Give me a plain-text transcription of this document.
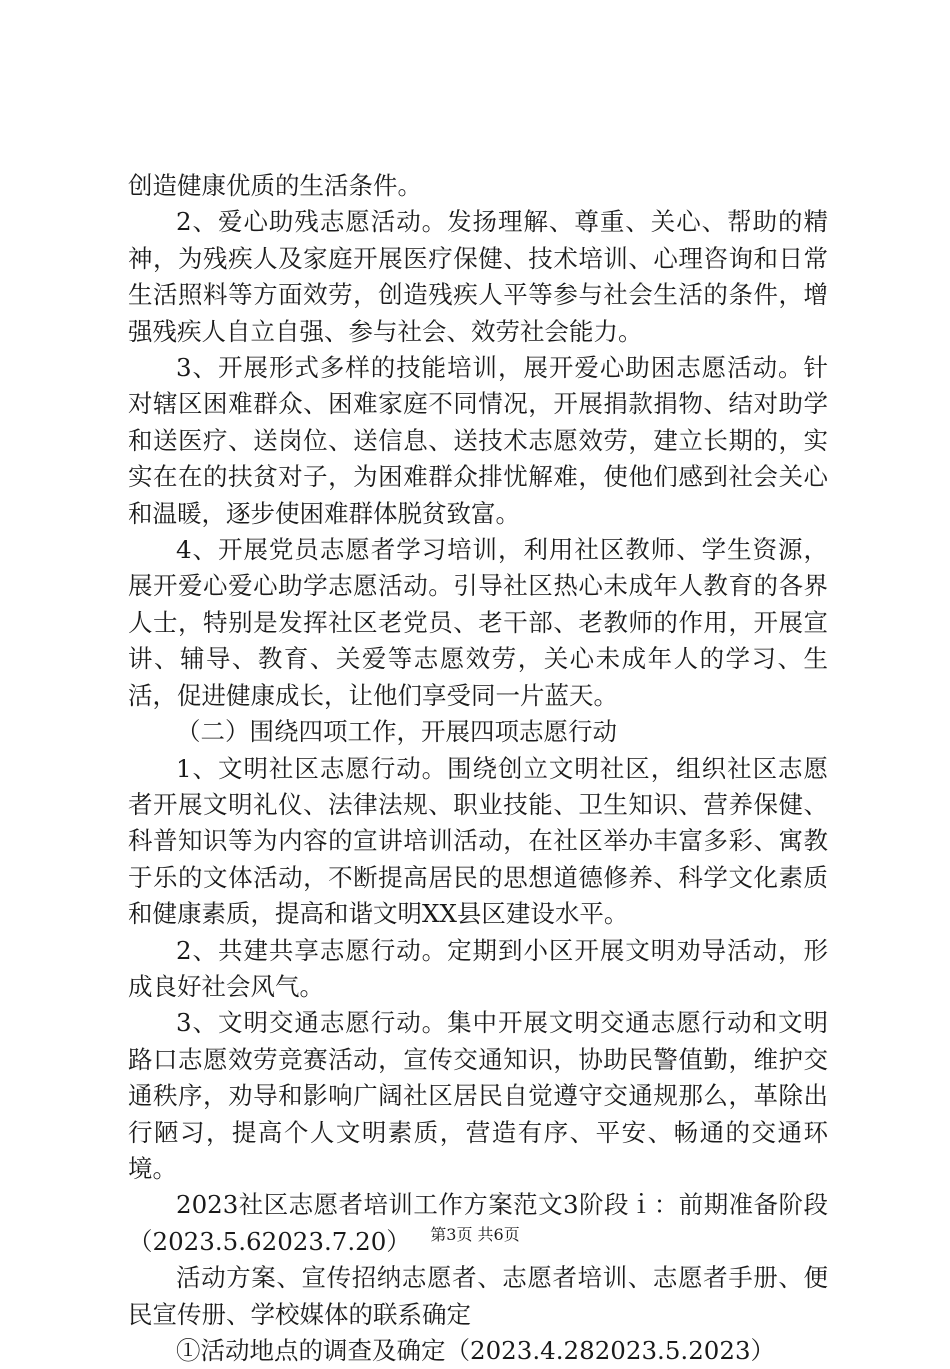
创造健康优质的生活条件。

2、爱心助残志愿活动。发扬理解、尊重、关心、帮助的精神，为残疾人及家庭开展医疗保健、技术培训、心理咨询和日常生活照料等方面效劳，创造残疾人平等参与社会生活的条件，增强残疾人自立自强、参与社会、效劳社会能力。

3、开展形式多样的技能培训，展开爱心助困志愿活动。针对辖区困难群众、困难家庭不同情况，开展捐款捐物、结对助学和送医疗、送岗位、送信息、送技术志愿效劳，建立长期的，实实在在的扶贫对子，为困难群众排忧解难，使他们感到社会关心和温暖，逐步使困难群体脱贫致富。

4、开展党员志愿者学习培训，利用社区教师、学生资源，展开爱心爱心助学志愿活动。引导社区热心未成年人教育的各界人士，特别是发挥社区老党员、老干部、老教师的作用，开展宣讲、辅导、教育、关爱等志愿效劳，关心未成年人的学习、生活，促进健康成长，让他们享受同一片蓝天。

（二）围绕四项工作，开展四项志愿行动

1、文明社区志愿行动。围绕创立文明社区，组织社区志愿者开展文明礼仪、法律法规、职业技能、卫生知识、营养保健、科普知识等为内容的宣讲培训活动，在社区举办丰富多彩、寓教于乐的文体活动，不断提高居民的思想道德修养、科学文化素质和健康素质，提高和谐文明XX县区建设水平。

2、共建共享志愿行动。定期到小区开展文明劝导活动，形成良好社会风气。

3、文明交通志愿行动。集中开展文明交通志愿行动和文明路口志愿效劳竞赛活动，宣传交通知识，协助民警值勤，维护交通秩序，劝导和影响广阔社区居民自觉遵守交通规那么，革除出行陋习，提高个人文明素质，营造有序、平安、畅通的交通环境。

2023社区志愿者培训工作方案范文3阶段ｉ：前期准备阶段（2023.5.62023.7.20）

活动方案、宣传招纳志愿者、志愿者培训、志愿者手册、便民宣传册、学校媒体的联系确定

①活动地点的调查及确定（2023.4.282023.5.2023）

第3页 共6页
